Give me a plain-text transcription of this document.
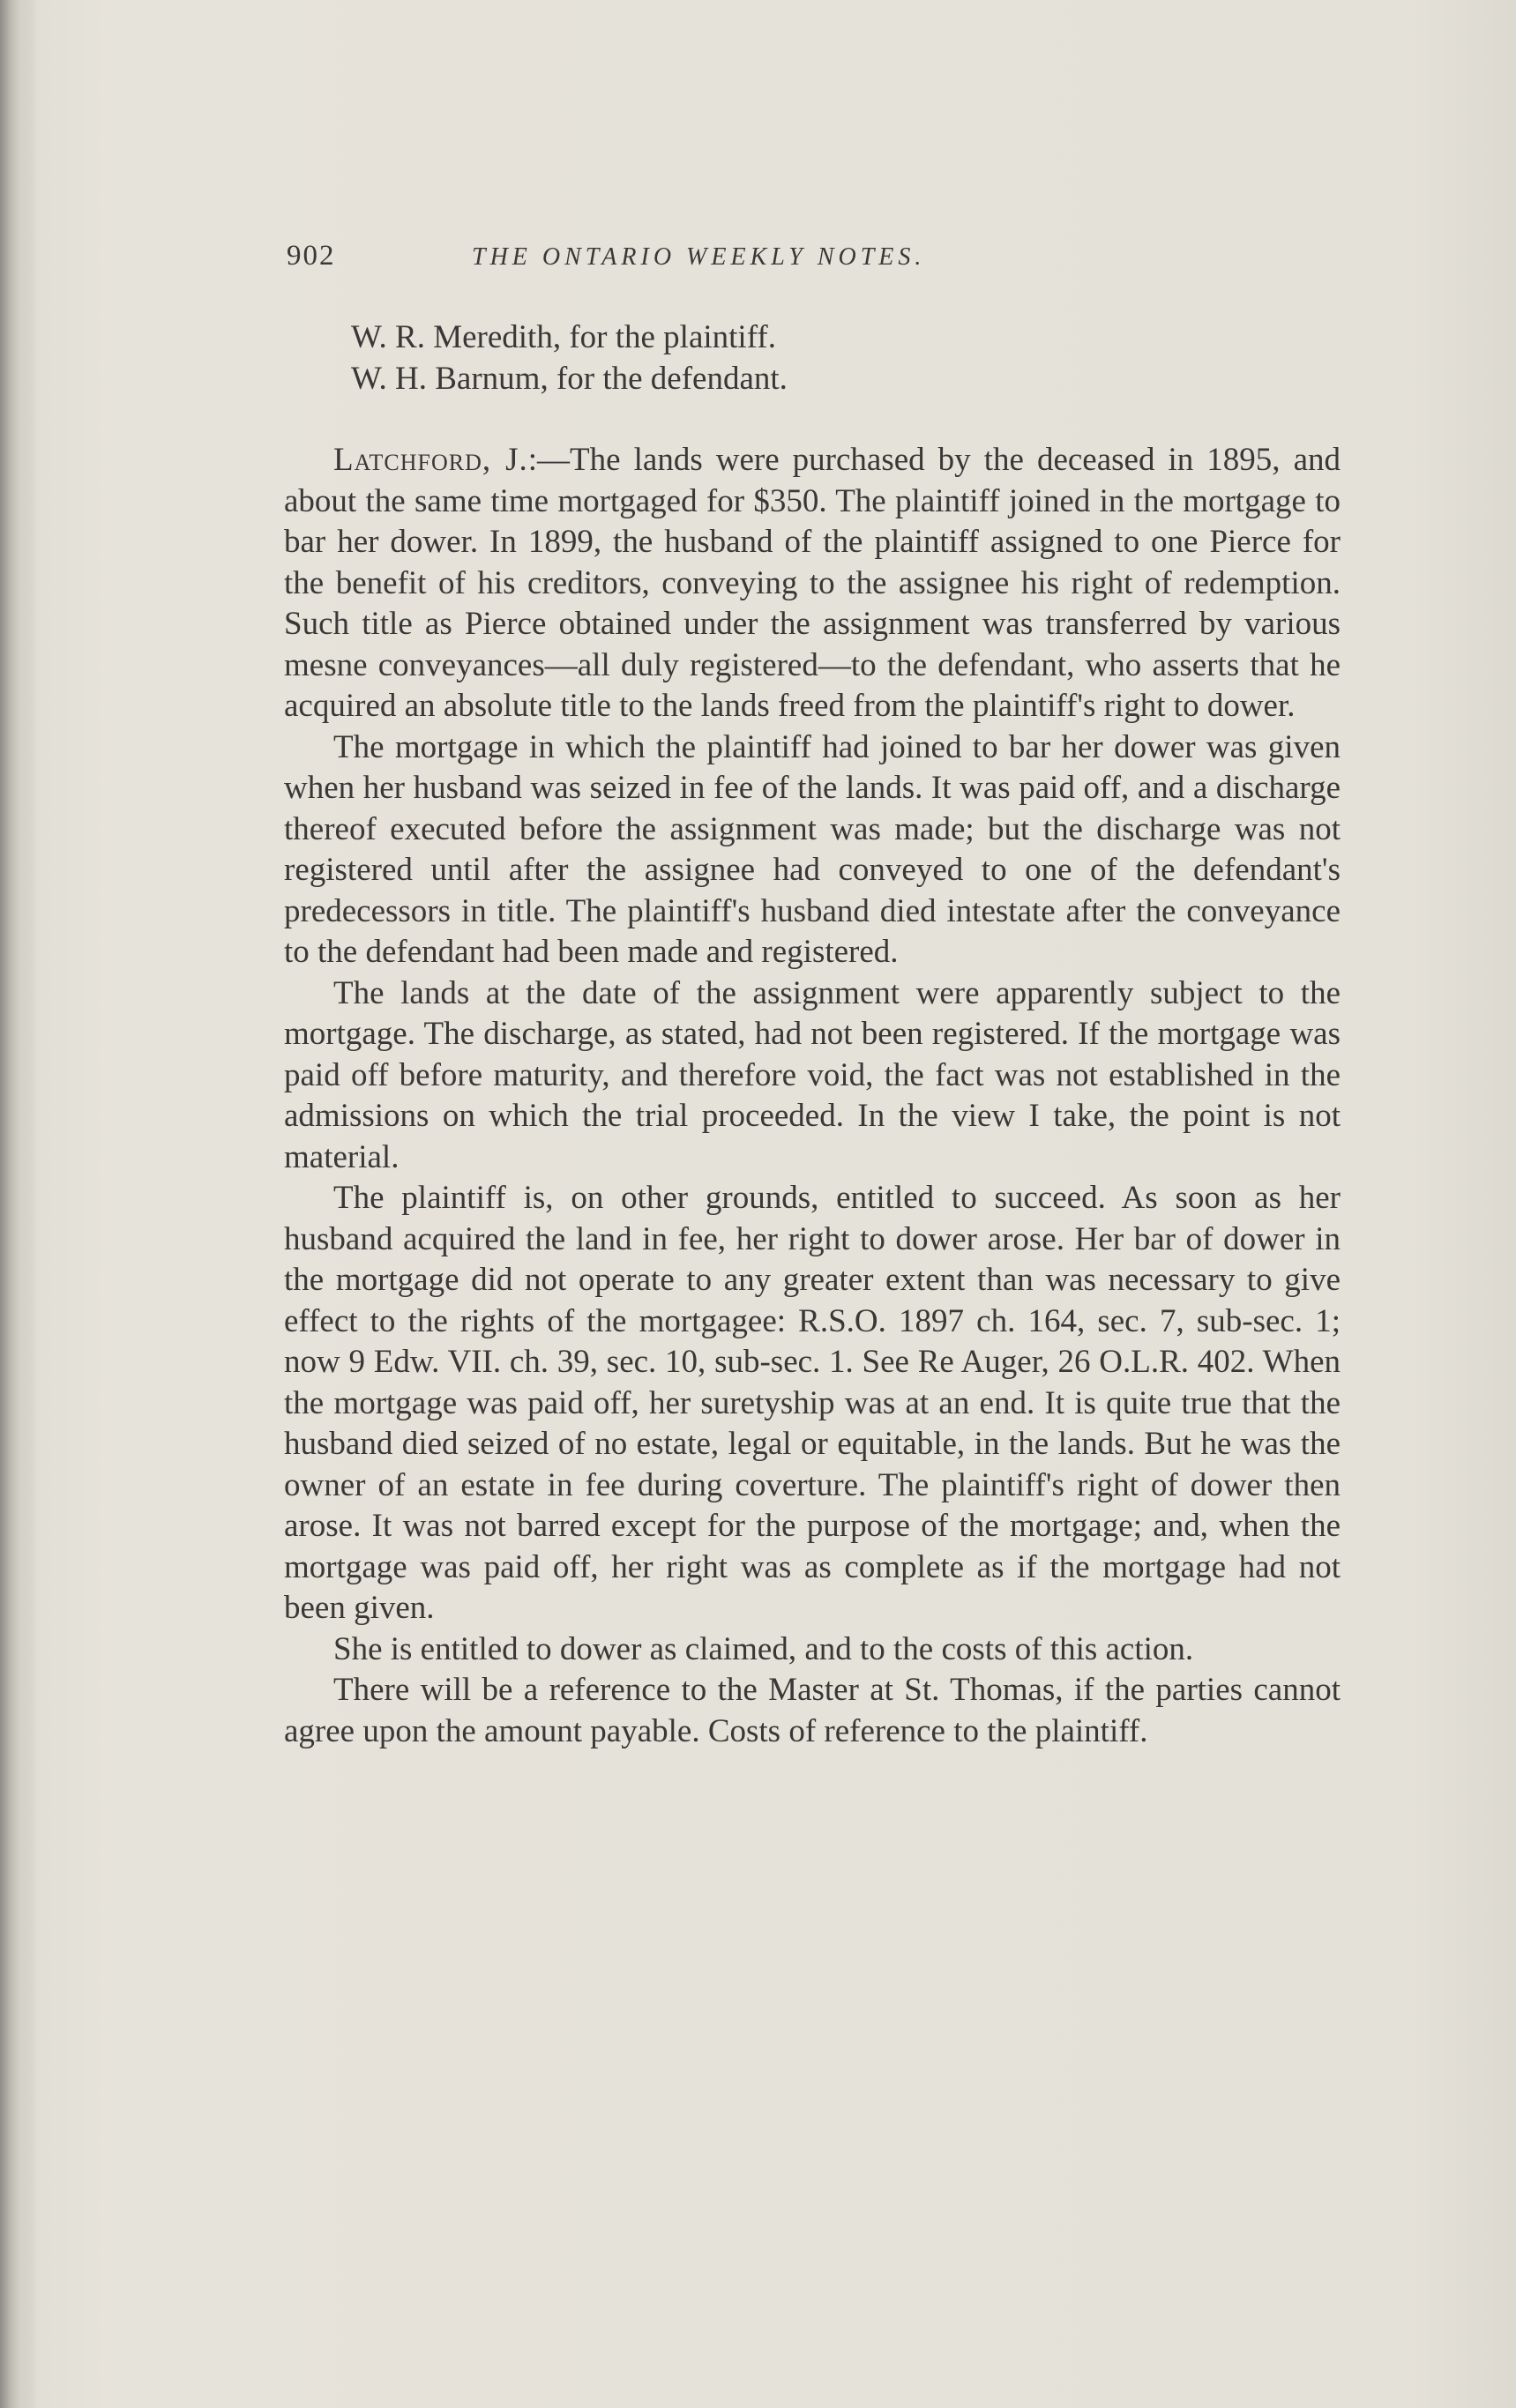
902	THE ONTARIO WEEKLY NOTES.
W. R. Meredith, for the plaintiff.
W. H. Barnum, for the defendant.

Latchford, J.:—The lands were purchased by the deceased in 1895, and about the same time mortgaged for $350. The plaintiff joined in the mortgage to bar her dower. In 1899, the husband of the plaintiff assigned to one Pierce for the benefit of his creditors, conveying to the assignee his right of redemption. Such title as Pierce obtained under the assignment was transferred by various mesne conveyances—all duly registered—to the defendant, who asserts that he acquired an absolute title to the lands freed from the plaintiff's right to dower.

The mortgage in which the plaintiff had joined to bar her dower was given when her husband was seized in fee of the lands. It was paid off, and a discharge thereof executed before the assignment was made; but the discharge was not registered until after the assignee had conveyed to one of the defendant's predecessors in title. The plaintiff's husband died intestate after the conveyance to the defendant had been made and registered.

The lands at the date of the assignment were apparently subject to the mortgage. The discharge, as stated, had not been registered. If the mortgage was paid off before maturity, and therefore void, the fact was not established in the admissions on which the trial proceeded. In the view I take, the point is not material.

The plaintiff is, on other grounds, entitled to succeed. As soon as her husband acquired the land in fee, her right to dower arose. Her bar of dower in the mortgage did not operate to any greater extent than was necessary to give effect to the rights of the mortgagee: R.S.O. 1897 ch. 164, sec. 7, sub-sec. 1; now 9 Edw. VII. ch. 39, sec. 10, sub-sec. 1. See Re Auger, 26 O.L.R. 402. When the mortgage was paid off, her suretyship was at an end. It is quite true that the husband died seized of no estate, legal or equitable, in the lands. But he was the owner of an estate in fee during coverture. The plaintiff's right of dower then arose. It was not barred except for the purpose of the mortgage; and, when the mortgage was paid off, her right was as complete as if the mortgage had not been given.

She is entitled to dower as claimed, and to the costs of this action.

There will be a reference to the Master at St. Thomas, if the parties cannot agree upon the amount payable. Costs of reference to the plaintiff.
